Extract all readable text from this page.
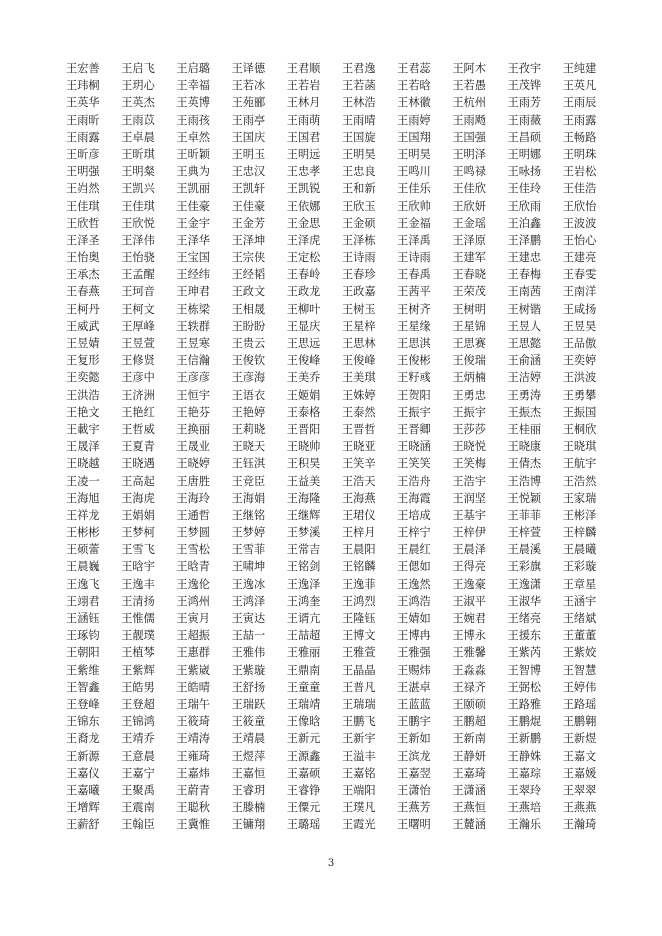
王宏善	王启飞	王启璐	王译德	王君顺	王君逸	王君蕊	王阿木	王孜宇	王纯建
王玮桐	王玥心	王幸福	王若冰	王若岩	王若菡	王若晗	王若愚	王茂铧	王英凡
王英华	王英杰	王英博	王苑郦	王林月	王林浩	王林徽	王杭州	王雨芳	王雨辰
王雨昕	王雨苡	王雨孩	王雨亭	王雨萌	王雨晴	王雨婷	王雨飏	王雨薇	王雨露
王雨露	王卓晨	王卓然	王国庆	王国君	王国旋	王国翔	王国强	王昌硕	王畅路
王昕彦	王昕琪	王昕颖	王明玉	王明远	王明昊	王明昊	王明泽	王明娜	王明珠
王明强	王明粲	王典为	王忠汉	王忠孝	王忠良	王鸣川	王鸣禄	王咏扬	王岩松
王岿然	王凯兴	王凯丽	王凯轩	王凯锐	王和新	王佳乐	王佳欣	王佳玲	王佳浩
王佳琪	王佳琪	王佳豪	王佳豪	王依娜	王欣玉	王欣帅	王欣妍	王欣雨	王欣怡
王欣哲	王欣悦	王金宇	王金芳	王金思	王金硕	王金福	王金瑶	王泊鑫	王波波
王泽圣	王泽伟	王泽华	王泽坤	王泽虎	王泽栋	王泽禹	王泽原	王泽鹏	王怡心
王怡奥	王怡骁	王宝国	王宗侠	王定松	王诗雨	王诗雨	王建军	王建忠	王建亮
王承杰	王孟醒	王经纬	王经韬	王春岭	王春珍	王春禹	王春晓	王春梅	王春雯
王春燕	王珂音	王珅君	王政文	王政龙	王政嘉	王茜平	王荣茂	王南茜	王南洋
王柯丹	王柯文	王栋梁	王相晟	王柳叶	王树玉	王树齐	王树明	王树锴	王咸扬
王威武	王厚峰	王轶群	王盼盼	王显庆	王星梓	王星缘	王星锦	王昱人	王昱昊
王昱婧	王昱萱	王昱寒	王贵云	王思远	王思林	王思淇	王思赛	王思懿	王品傲
王复形	王修贤	王信瀚	王俊钦	王俊峰	王俊峰	王俊彬	王俊瑞	王俞涵	王奕婷
王奕懿	王彦中	王彦彦	王彦海	王美乔	王美琪	王籽彧	王炳楠	王洁婷	王洪波
王洪浩	王济洲	王恒宇	王语衣	王姬娟	王姝婷	王贺阳	王勇忠	王勇涛	王勇攀
王艳文	王艳红	王艳芬	王艳婷	王泰格	王泰然	王振宇	王振宇	王振杰	王振国
王載宇	王哲威	王换丽	王莉晓	王晋阳	王晋哲	王晋卿	王莎莎	王桂丽	王桐欣
王晟泽	王夏青	王晟业	王晓天	王晓帅	王晓亚	王晓涵	王晓悦	王晓康	王晓琪
王晓越	王晓遇	王晓婷	王钰淇	王积昊	王笑辛	王笑笑	王笑梅	王倩杰	王航宇
王凌一	王高起	王唐胜	王竞臣	王益美	王浩天	王浩舟	王浩宇	王浩博	王浩然
王海旭	王海虎	王海玲	王海娟	王海隆	王海燕	王海霞	王润坚	王悦颖	王家瑞
王祥龙	王娟娟	王通哲	王继铭	王继辉	王珺仪	王培成	王基宇	王菲菲	王彬泽
王彬彬	王梦柯	王梦圆	王梦婷	王梦溪	王梓月	王梓宁	王梓伊	王梓萱	王梓麟
王硕蕾	王雪飞	王雪松	王雪菲	王常吉	王晨阳	王晨红	王晨泽	王晨溪	王晨曦
王晨巍	王晗宇	王晗青	王啸坤	王铭剑	王铭麟	王偲如	王得亮	王彩旗	王彩璇
王逸飞	王逸丰	王逸伦	王逸冰	王逸泽	王逸菲	王逸然	王逸豪	王逸潇	王章星
王翊君	王清扬	王鸿州	王鸿泽	王鸿奎	王鸿烈	王鸿浩	王淑平	王淑华	王涵宇
王涵钰	王惟儒	王寅月	王寅达	王谞亢	王隆钰	王婧如	王婉君	王绪亮	王绪斌
王琢钧	王靓璞	王超振	王喆一	王喆超	王博文	王博冉	王博永	王援东	王董董
王朝阳	王植棽	王惠群	王雅伟	王雅丽	王雅萱	王雅强	王雅馨	王紫芮	王紫姣
王紫维	王紫辉	王紫崴	王紫璇	王鼎南	王晶晶	王赐炜	王淼淼	王智博	王智慧
王智鑫	王皓男	王皓晴	王舒扬	王童童	王普凡	王湛卓	王禄齐	王弼松	王婷伟
王登峰	王登超	王瑞午	王瑞跃	王瑞靖	王瑞瑞	王蓝蓝	王颐硕	王路雅	王路瑶
王锦东	王锦鸿	王筱琦	王筱童	王像晗	王鹏飞	王鹏宇	王鹏超	王鹏焜	王鹏翱
王裔龙	王靖乔	王靖涛	王靖晨	王新元	王新宇	王新如	王新南	王新鹏	王新煜
王新源	王意晨	王雍琦	王煜萍	王源鑫	王溢丰	王滨龙	王静妍	王静姝	王嘉文
王嘉仪	王嘉宁	王嘉炜	王嘉恒	王嘉硕	王嘉铭	王嘉翌	王嘉琦	王嘉琮	王嘉媛
王嘉曦	王聚禹	王蔚青	王睿玥	王睿铮	王端阳	王潇怡	王潇涵	王翠玲	王翠翠
王增辉	王震南	王聪秋	王滕楠	王僳元	王璞凡	王燕芳	王燕恒	王燕培	王燕燕
王薪舒	王翰臣	王冀惟	王镛翔	王璐瑶	王霞光	王曙明	王麓涵	王瀚乐	王瀚琦
3
